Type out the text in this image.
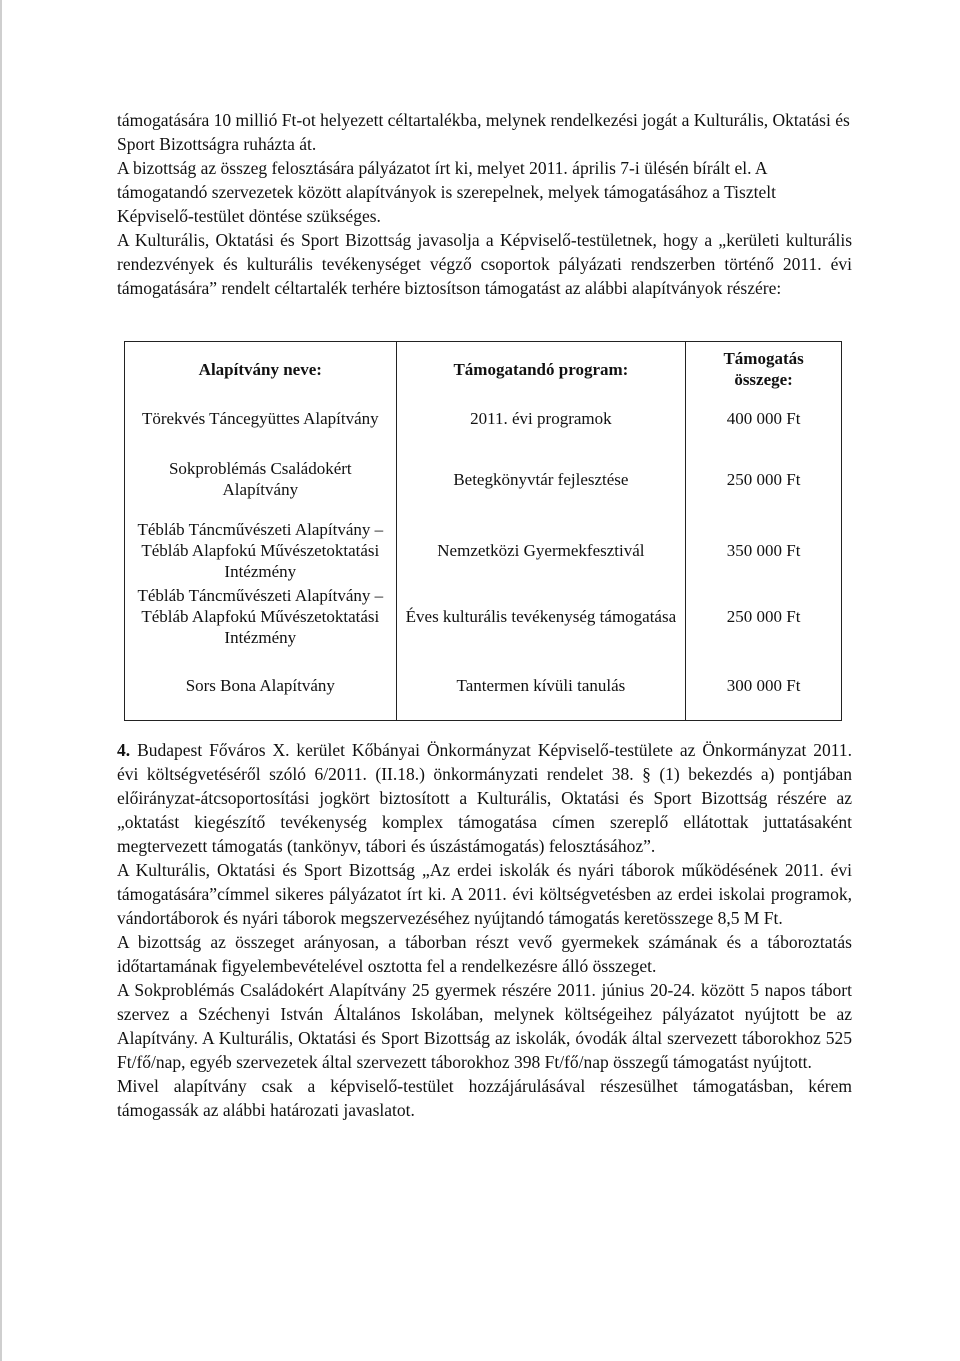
támogatására 10 millió Ft-ot helyezett céltartalékba, melynek rendelkezési jogát a Kulturális, Oktatási és Sport Bizottságra ruházta át.

A bizottság az összeg felosztására pályázatot írt ki, melyet 2011. április 7-i ülésén bírált el. A támogatandó szervezetek között alapítványok is szerepelnek, melyek támogatásához a Tisztelt Képviselő-testület döntése szükséges.

A Kulturális, Oktatási és Sport Bizottság javasolja a Képviselő-testületnek, hogy a „kerületi kulturális rendezvények és kulturális tevékenységet végző csoportok pályázati rendszerben történő 2011. évi támogatására” rendelt céltartalék terhére biztosítson támogatást az alábbi alapítványok részére:

Alapítvány neve:	Támogatandó program:	Támogatás összege:
Törekvés Táncegyüttes Alapítvány	2011. évi programok	400 000 Ft
Sokproblémás Családokért Alapítvány	Betegkönyvtár fejlesztése	250 000 Ft
Tébláb Táncművészeti Alapítvány – Tébláb Alapfokú Művészetoktatási Intézmény	Nemzetközi Gyermekfesztivál	350 000 Ft
Tébláb Táncművészeti Alapítvány – Tébláb Alapfokú Művészetoktatási Intézmény	Éves kulturális tevékenység támogatása	250 000 Ft
Sors Bona Alapítvány	Tantermen kívüli tanulás	300 000 Ft

4. Budapest Főváros X. kerület Kőbányai Önkormányzat Képviselő-testülete az Önkormányzat 2011. évi költségvetéséről szóló 6/2011. (II.18.) önkormányzati rendelet 38. § (1) bekezdés a) pontjában előirányzat-átcsoportosítási jogkört biztosított a Kulturális, Oktatási és Sport Bizottság részére az „oktatást kiegészítő tevékenység komplex támogatása címen szereplő ellátottak juttatásaként megtervezett támogatás (tankönyv, tábori és úszástámogatás) felosztásához”.

A Kulturális, Oktatási és Sport Bizottság „Az erdei iskolák és nyári táborok működésének 2011. évi támogatására”címmel sikeres pályázatot írt ki. A 2011. évi költségvetésben az erdei iskolai programok, vándortáborok és nyári táborok megszervezéséhez nyújtandó támogatás keretösszege 8,5 M Ft.

A bizottság az összeget arányosan, a táborban részt vevő gyermekek számának és a táboroztatás időtartamának figyelembevételével osztotta fel a rendelkezésre álló összeget.

A Sokproblémás Családokért Alapítvány 25 gyermek részére 2011. június 20-24. között 5 napos tábort szervez a Széchenyi István Általános Iskolában, melynek költségeihez pályázatot nyújtott be az Alapítvány. A Kulturális, Oktatási és Sport Bizottság az iskolák, óvodák által szervezett táborokhoz 525 Ft/fő/nap, egyéb szervezetek által szervezett táborokhoz 398 Ft/fő/nap összegű támogatást nyújtott.

Mivel alapítvány csak a képviselő-testület hozzájárulásával részesülhet támogatásban, kérem támogassák az alábbi határozati javaslatot.
